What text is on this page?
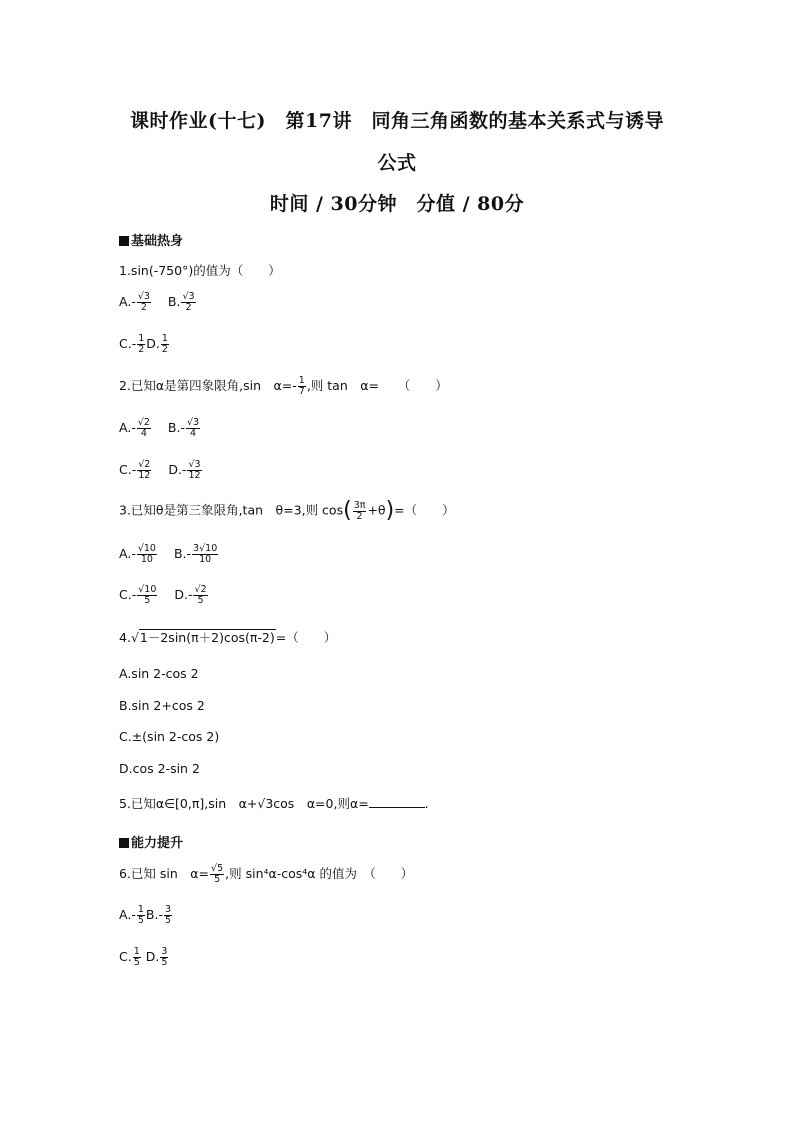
课时作业(十七)　第17讲　同角三角函数的基本关系式与诱导
公式
时间 / 30分钟　分值 / 80分
基础热身
1.sin(-750°)的值为（　　）
$A.- \frac{√3}{2} B$. $\frac{√3}{2}$
$C.- \frac{1}{2} D$. $\frac{1}{2}$
2.已知α是第四象限角,sin　$\alpha=- \frac{1}{7}$ ,则 tan　α=　　（　　）
$A.- \frac{√2}{4} B.- \frac{√3}{4}$
$C.- \frac{√2}{12} D.- \frac{√3}{12}$
3.已知θ是第三象限角,tan　θ=3,则 $\cos( \frac{3\pi}{2} +\theta)=$（　　）
$A.- \frac{√10}{10} B.- \frac{3√10}{10}$
$C.- \frac{√10}{5} D.- \frac{√2}{5}$
4.√1－2sin(π＋2)cos(π-2)=（　　）
A.sin 2-cos 2
B.sin 2+cos 2
C.±(sin 2-cos 2)
D.cos 2-sin 2
5.已知α∈[0,π],sin　α+√3cos　α=0,则α=	.
能力提升
6.已知 sin　$\alpha= \frac{√5}{5}$ ,则 sin⁴α-cos⁴α 的值为　（　　）
$A.- \frac{1}{5} B.- \frac{3}{5}$
C. $\frac{1}{5} D$. $\frac{3}{5}$
